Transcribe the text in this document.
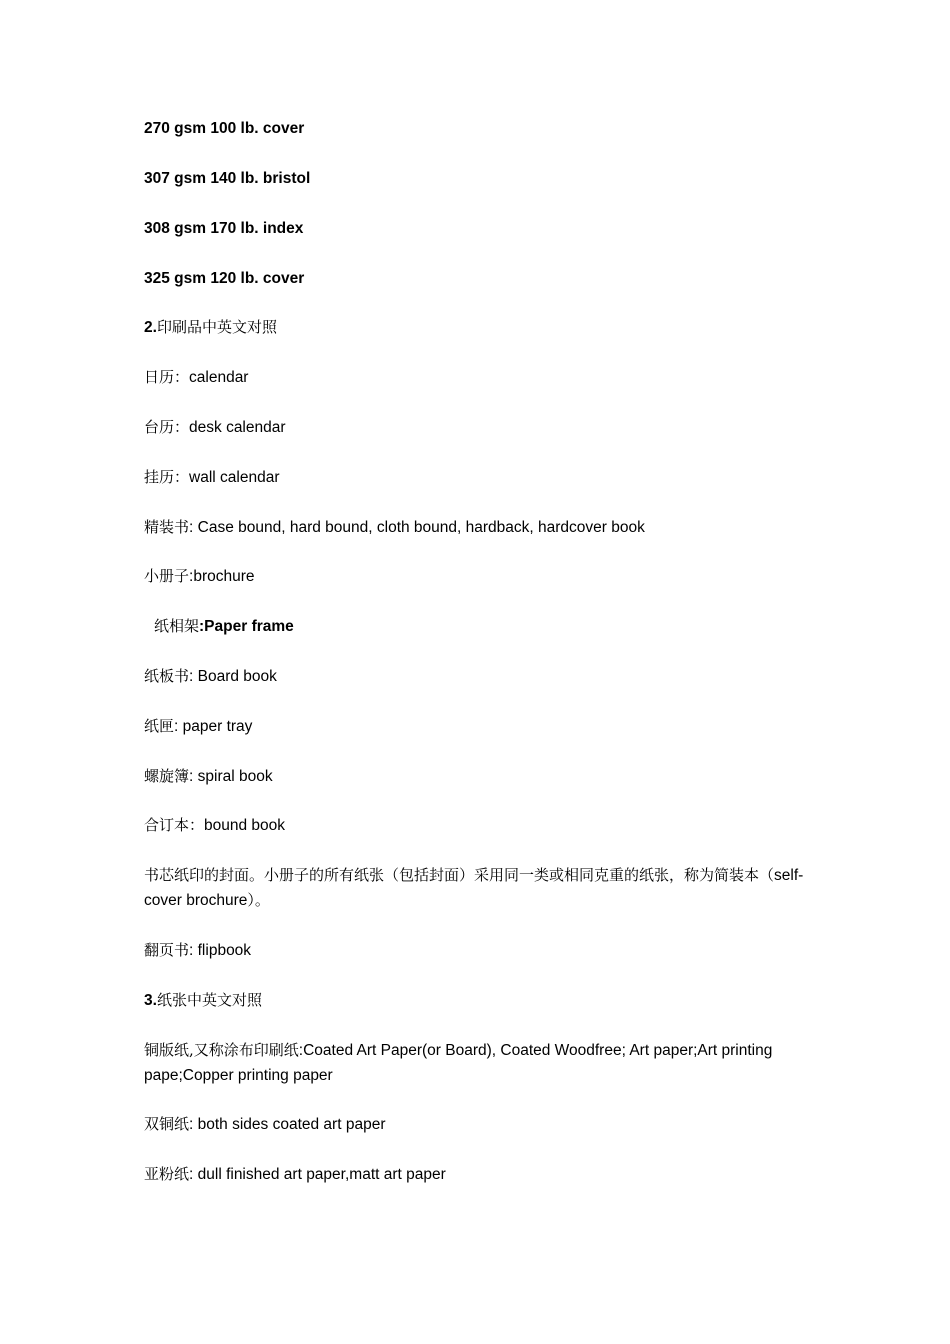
270 gsm 100 lb. cover
307 gsm 140 lb. bristol
308 gsm 170 lb. index
325 gsm 120 lb. cover
2.印刷品中英文对照
日历：calendar
台历：desk calendar
挂历：wall calendar
精装书: Case bound, hard bound, cloth bound, hardback, hardcover book
小册子:brochure
纸相架:Paper frame
纸板书: Board book
纸匣: paper tray
螺旋簿: spiral book
合订本：bound book
书芯纸印的封面。小册子的所有纸张（包括封面）采用同一类或相同克重的纸张，称为简装本（self-cover brochure）。
翻页书: flipbook
3.纸张中英文对照
铜版纸,又称涂布印刷纸:Coated Art Paper(or Board), Coated Woodfree; Art paper;Art printing pape;Copper printing paper
双铜纸: both sides coated art paper
亚粉纸: dull finished art paper,matt art paper
